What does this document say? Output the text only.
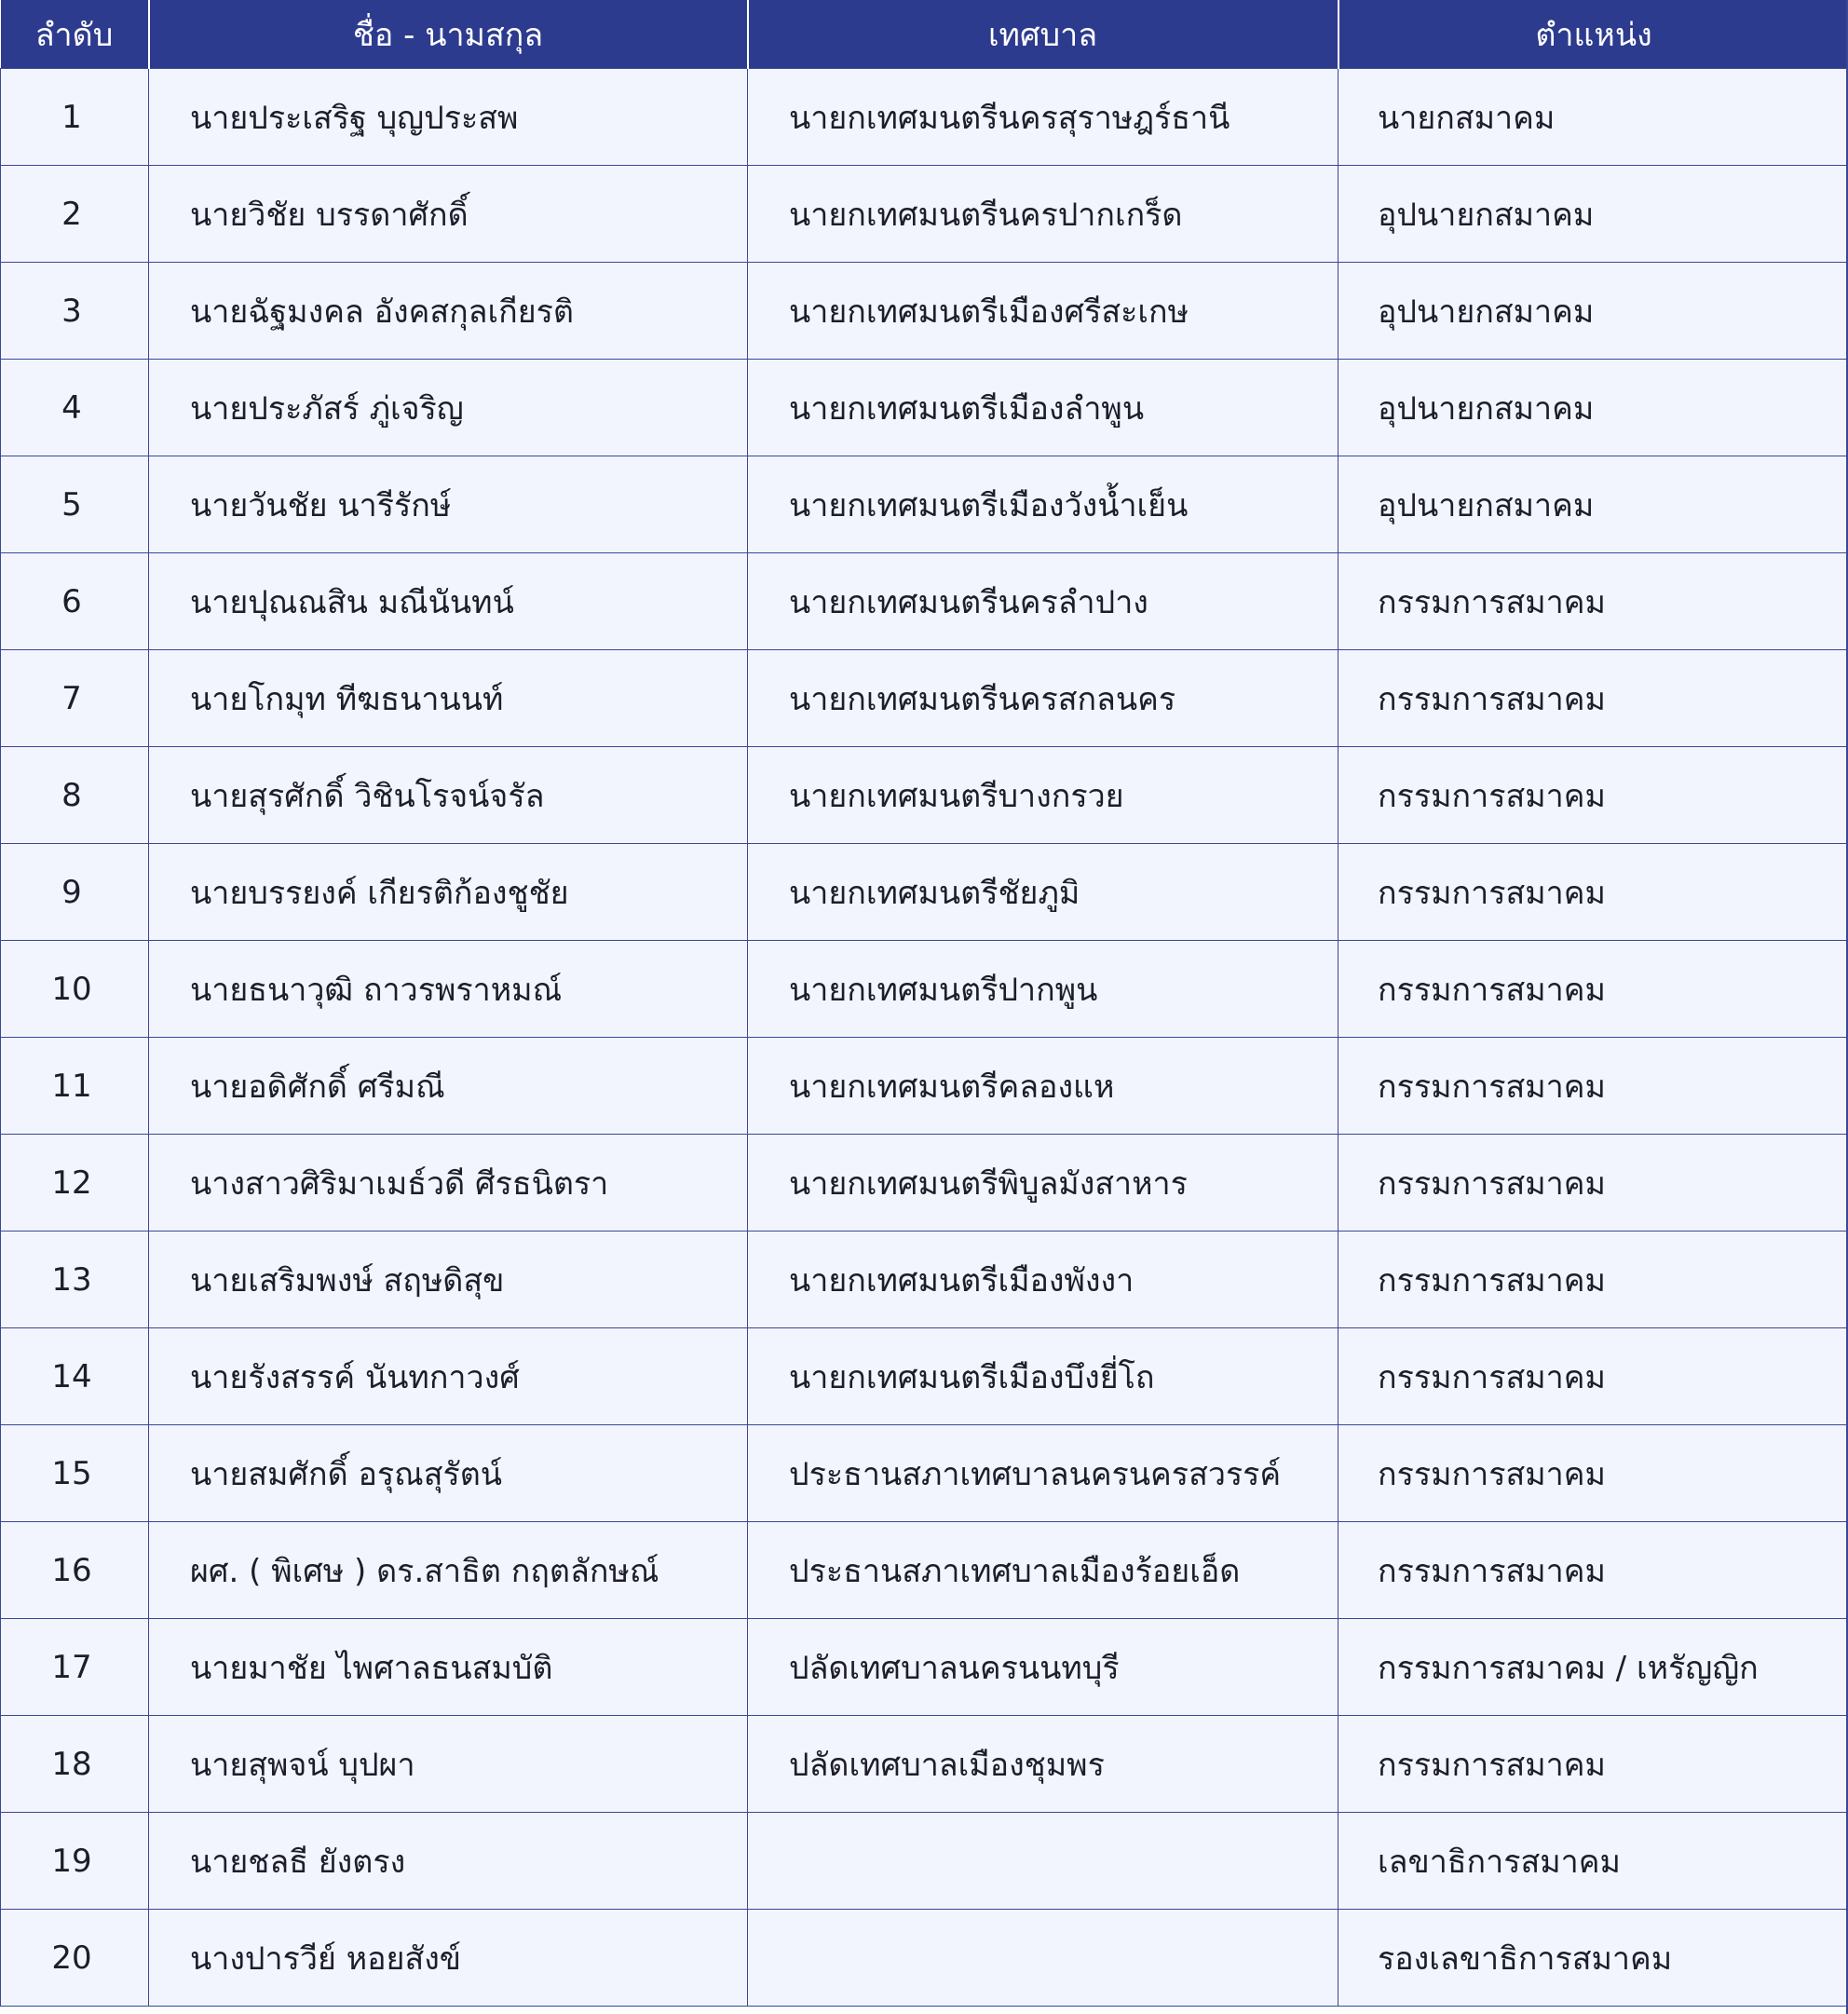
ลำดับ	ชื่อ - นามสกุล	เทศบาล	ตำแหน่ง
1	นายประเสริฐ บุญประสพ	นายกเทศมนตรีนครสุราษฎร์ธานี	นายกสมาคม
2	นายวิชัย บรรดาศักดิ์	นายกเทศมนตรีนครปากเกร็ด	อุปนายกสมาคม
3	นายฉัฐมงคล อังคสกุลเกียรติ	นายกเทศมนตรีเมืองศรีสะเกษ	อุปนายกสมาคม
4	นายประภัสร์ ภู่เจริญ	นายกเทศมนตรีเมืองลำพูน	อุปนายกสมาคม
5	นายวันชัย นารีรักษ์	นายกเทศมนตรีเมืองวังน้ำเย็น	อุปนายกสมาคม
6	นายปุณณสิน มณีนันทน์	นายกเทศมนตรีนครลำปาง	กรรมการสมาคม
7	นายโกมุท ทีฆธนานนท์	นายกเทศมนตรีนครสกลนคร	กรรมการสมาคม
8	นายสุรศักดิ์ วิชินโรจน์จรัล	นายกเทศมนตรีบางกรวย	กรรมการสมาคม
9	นายบรรยงค์ เกียรติก้องชูชัย	นายกเทศมนตรีชัยภูมิ	กรรมการสมาคม
10	นายธนาวุฒิ ถาวรพราหมณ์	นายกเทศมนตรีปากพูน	กรรมการสมาคม
11	นายอดิศักดิ์ ศรีมณี	นายกเทศมนตรีคลองแห	กรรมการสมาคม
12	นางสาวศิริมาเมธ์วดี ศีรธนิตรา	นายกเทศมนตรีพิบูลมังสาหาร	กรรมการสมาคม
13	นายเสริมพงษ์ สฤษดิสุข	นายกเทศมนตรีเมืองพังงา	กรรมการสมาคม
14	นายรังสรรค์ นันทกาวงศ์	นายกเทศมนตรีเมืองบึงยี่โถ	กรรมการสมาคม
15	นายสมศักดิ์ อรุณสุรัตน์	ประธานสภาเทศบาลนครนครสวรรค์	กรรมการสมาคม
16	ผศ. ( พิเศษ ) ดร.สาธิต กฤตลักษณ์	ประธานสภาเทศบาลเมืองร้อยเอ็ด	กรรมการสมาคม
17	นายมาชัย ไพศาลธนสมบัติ	ปลัดเทศบาลนครนนทบุรี	กรรมการสมาคม / เหรัญญิก
18	นายสุพจน์ บุปผา	ปลัดเทศบาลเมืองชุมพร	กรรมการสมาคม
19	นายชลธี ยังตรง		เลขาธิการสมาคม
20	นางปารวีย์ หอยสังข์		รองเลขาธิการสมาคม
